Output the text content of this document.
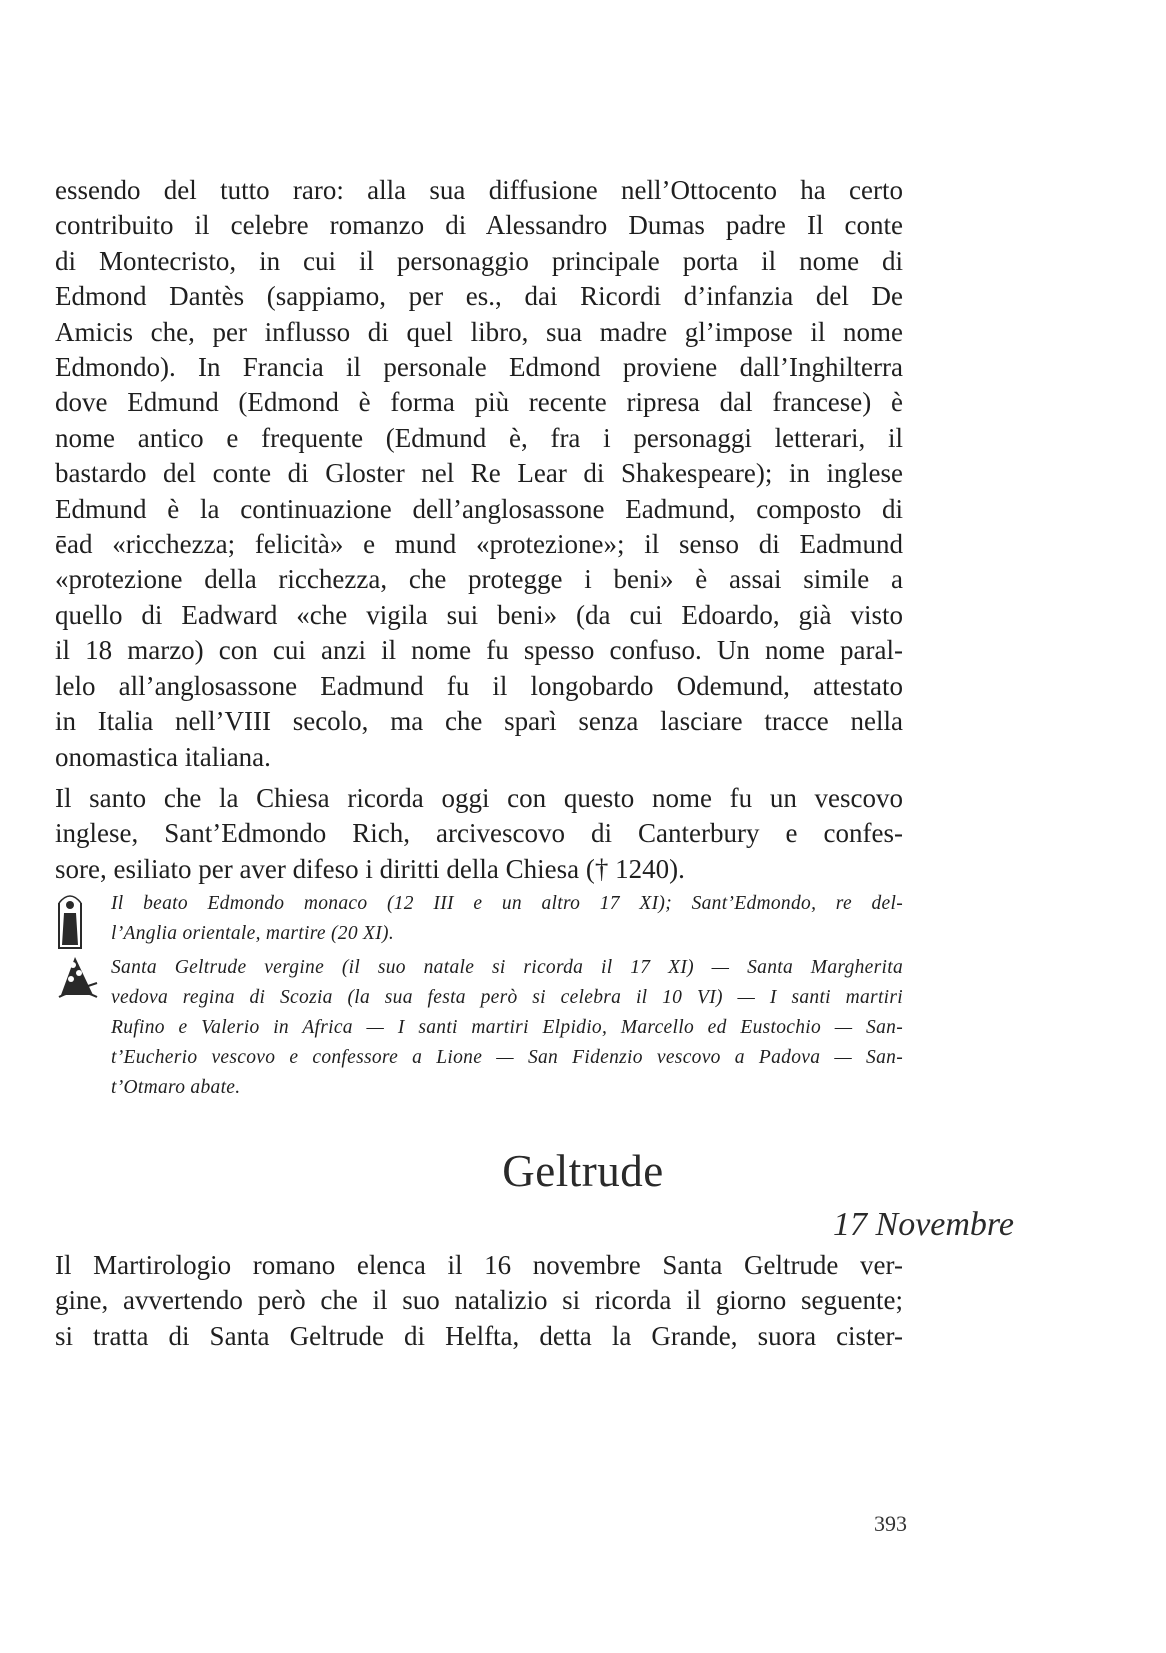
essendo del tutto raro: alla sua diffusione nell’Ottocento ha certo

contribuito il celebre romanzo di Alessandro Dumas padre Il conte

di Montecristo, in cui il personaggio principale porta il nome di

Edmond Dantès (sappiamo, per es., dai Ricordi d’infanzia del De

Amicis che, per influsso di quel libro, sua madre gl’impose il nome

Edmondo). In Francia il personale Edmond proviene dall’Inghilterra

dove Edmund (Edmond è forma più recente ripresa dal francese) è

nome antico e frequente (Edmund è, fra i personaggi letterari, il

bastardo del conte di Gloster nel Re Lear di Shakespeare); in inglese

Edmund è la continuazione dell’anglosassone Eadmund, composto di

ēad «ricchezza; felicità» e mund «protezione»; il senso di Eadmund

«protezione della ricchezza, che protegge i beni» è assai simile a

quello di Eadward «che vigila sui beni» (da cui Edoardo, già visto

il 18 marzo) con cui anzi il nome fu spesso confuso. Un nome paral-

lelo all’anglosassone Eadmund fu il longobardo Odemund, attestato

in Italia nell’VIII secolo, ma che sparì senza lasciare tracce nella

onomastica italiana.

Il santo che la Chiesa ricorda oggi con questo nome fu un vescovo

inglese, Sant’Edmondo Rich, arcivescovo di Canterbury e confes-

sore, esiliato per aver difeso i diritti della Chiesa († 1240).

Il beato Edmondo monaco (12 III e un altro 17 XI); Sant’Edmondo, re del-

l’Anglia orientale, martire (20 XI).

Santa Geltrude vergine (il suo natale si ricorda il 17 XI) — Santa Margherita

vedova regina di Scozia (la sua festa però si celebra il 10 VI) — I santi martiri

Rufino e Valerio in Africa — I santi martiri Elpidio, Marcello ed Eustochio — San-

t’Eucherio vescovo e confessore a Lione — San Fidenzio vescovo a Padova — San-

t’Otmaro abate.

Geltrude
17 Novembre

Il Martirologio romano elenca il 16 novembre Santa Geltrude ver-

gine, avvertendo però che il suo natalizio si ricorda il giorno seguente;

si tratta di Santa Geltrude di Helfta, detta la Grande, suora cister-

393
